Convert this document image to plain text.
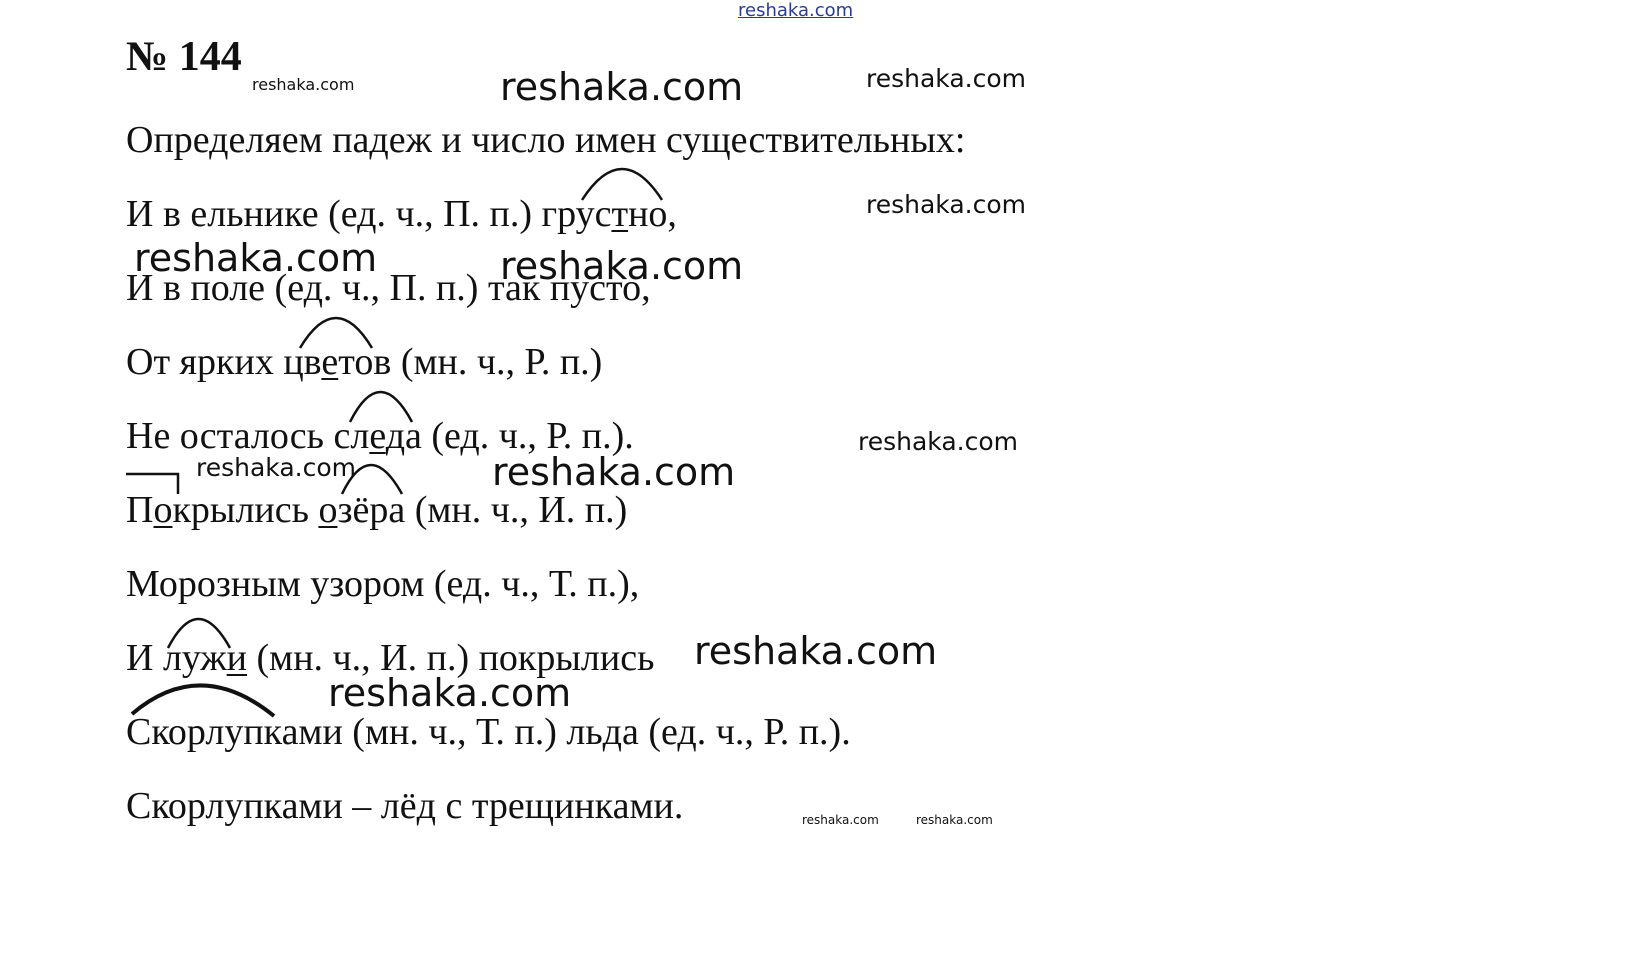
reshaka.com
№ 144
Определяем падеж и число имен существительных:
И в ельнике (ед. ч., П. п.) грустно,
И в поле (ед. ч., П. п.) так пусто,
От ярких цветов (мн. ч., Р. п.)
Не осталось следа (ед. ч., Р. п.).
Покрылись озёра (мн. ч., И. п.)
Морозным узором (ед. ч., Т. п.),
И лужи (мн. ч., И. п.) покрылись
Скорлупками (мн. ч., Т. п.) льда (ед. ч., Р. п.).
Скорлупками – лёд с трещинками.
reshaka.com	reshaka.com	reshaka.com
reshaka.com
reshaka.com	reshaka.com
reshaka.com
reshaka.com	reshaka.com
reshaka.com
reshaka.com
reshaka.com	reshaka.com
